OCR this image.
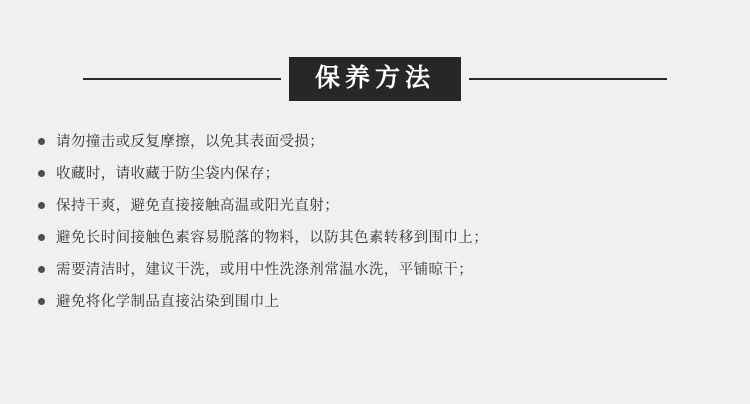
保养方法
请勿撞击或反复摩擦，以免其表面受损；
收藏时，请收藏于防尘袋内保存；
保持干爽，避免直接接触高温或阳光直射；
避免长时间接触色素容易脱落的物料，以防其色素转移到围巾上；
需要清洁时，建议干洗，或用中性洗涤剂常温水洗，平铺晾干；
避免将化学制品直接沾染到围巾上
